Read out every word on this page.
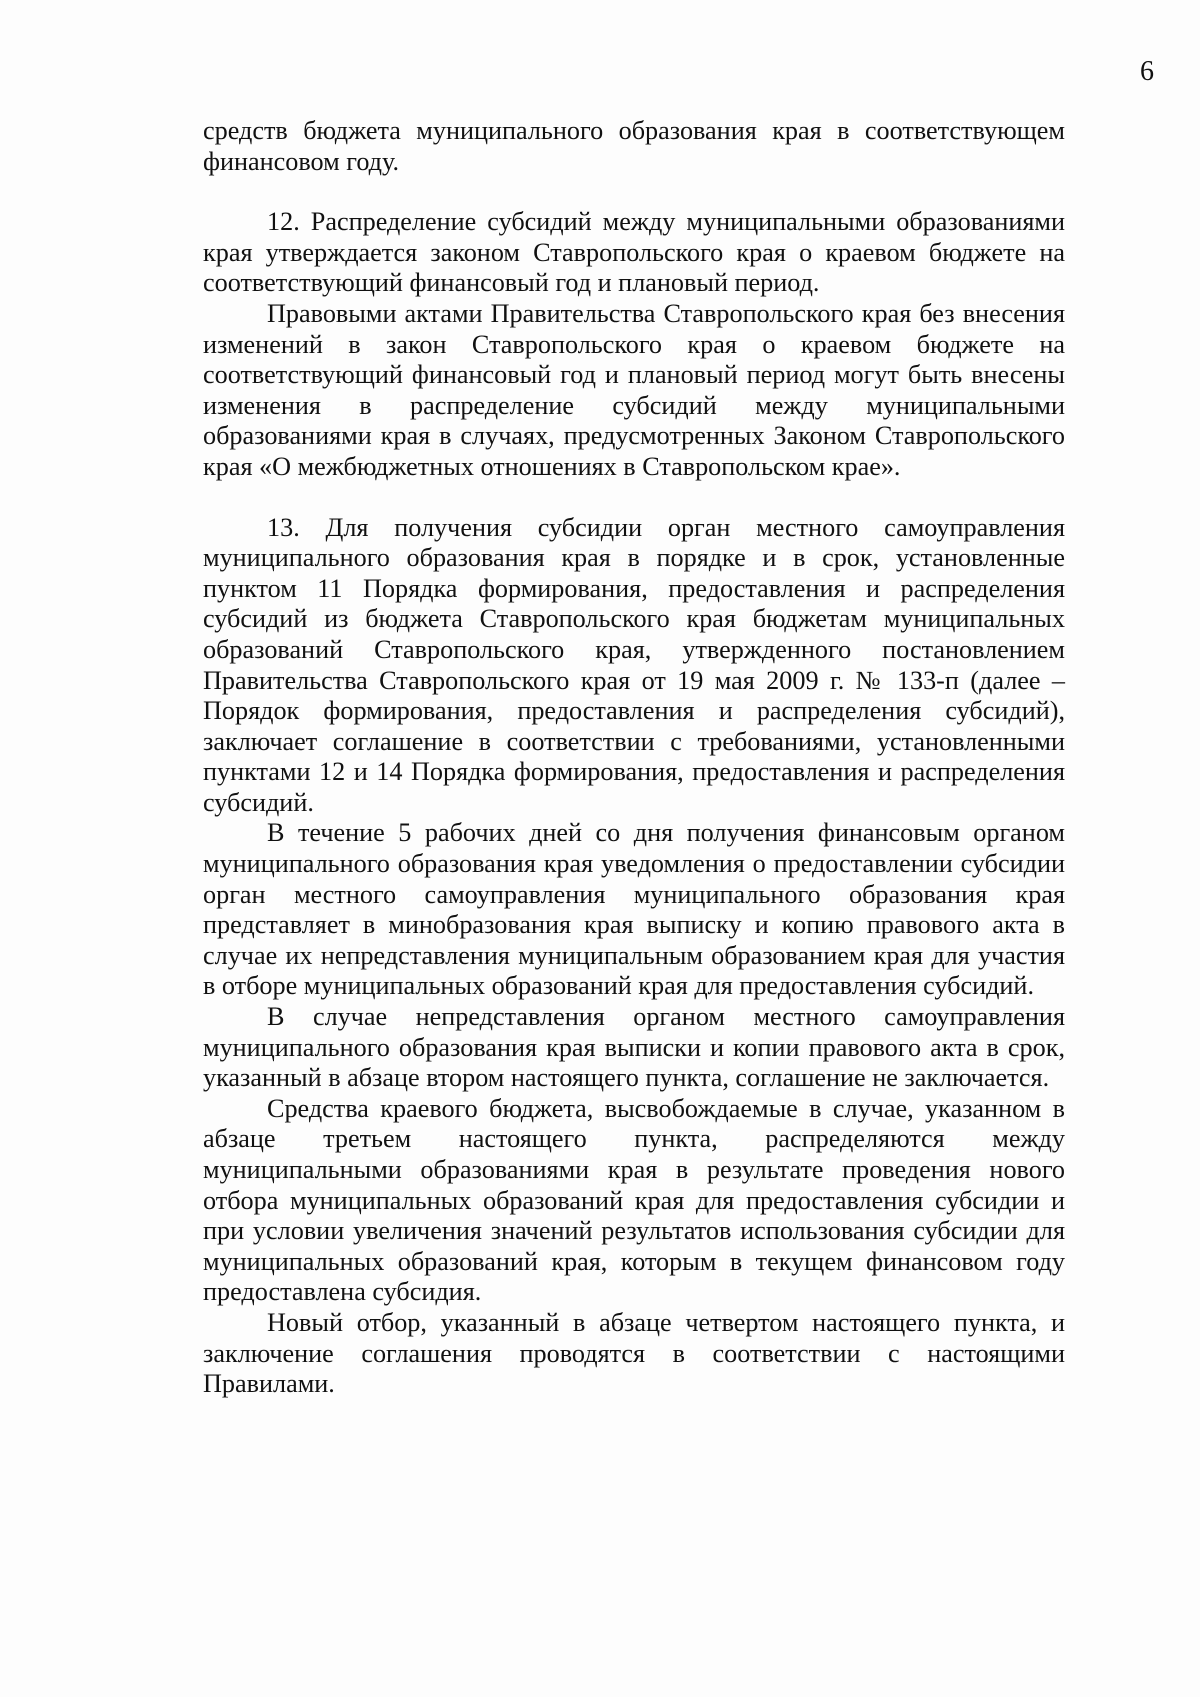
6

средств бюджета муниципального образования края в соответствующем финансовом году.

12. Распределение субсидий между муниципальными образованиями края утверждается законом Ставропольского края о краевом бюджете на соответствующий финансовый год и плановый период.

Правовыми актами Правительства Ставропольского края без внесения изменений в закон Ставропольского края о краевом бюджете на соответствующий финансовый год и плановый период могут быть внесены изменения в распределение субсидий между муниципальными образованиями края в случаях, предусмотренных Законом Ставропольского края «О межбюджетных отношениях в Ставропольском крае».

13. Для получения субсидии орган местного самоуправления муниципального образования края в порядке и в срок, установленные пунктом 11 Порядка формирования, предоставления и распределения субсидий из бюджета Ставропольского края бюджетам муниципальных образований Ставропольского края, утвержденного постановлением Правительства Ставропольского края от 19 мая 2009 г. № 133-п (далее – Порядок формирования, предоставления и распределения субсидий), заключает соглашение в соответствии с требованиями, установленными пунктами 12 и 14 Порядка формирования, предоставления и распределения субсидий.

В течение 5 рабочих дней со дня получения финансовым органом муниципального образования края уведомления о предоставлении субсидии орган местного самоуправления муниципального образования края представляет в минобразования края выписку и копию правового акта в случае их непредставления муниципальным образованием края для участия в отборе муниципальных образований края для предоставления субсидий.

В случае непредставления органом местного самоуправления муниципального образования края выписки и копии правового акта в срок, указанный в абзаце втором настоящего пункта, соглашение не заключается.

Средства краевого бюджета, высвобождаемые в случае, указанном в абзаце третьем настоящего пункта, распределяются между муниципальными образованиями края в результате проведения нового отбора муниципальных образований края для предоставления субсидии и при условии увеличения значений результатов использования субсидии для муниципальных образований края, которым в текущем финансовом году предоставлена субсидия.

Новый отбор, указанный в абзаце четвертом настоящего пункта, и заключение соглашения проводятся в соответствии с настоящими Правилами.
